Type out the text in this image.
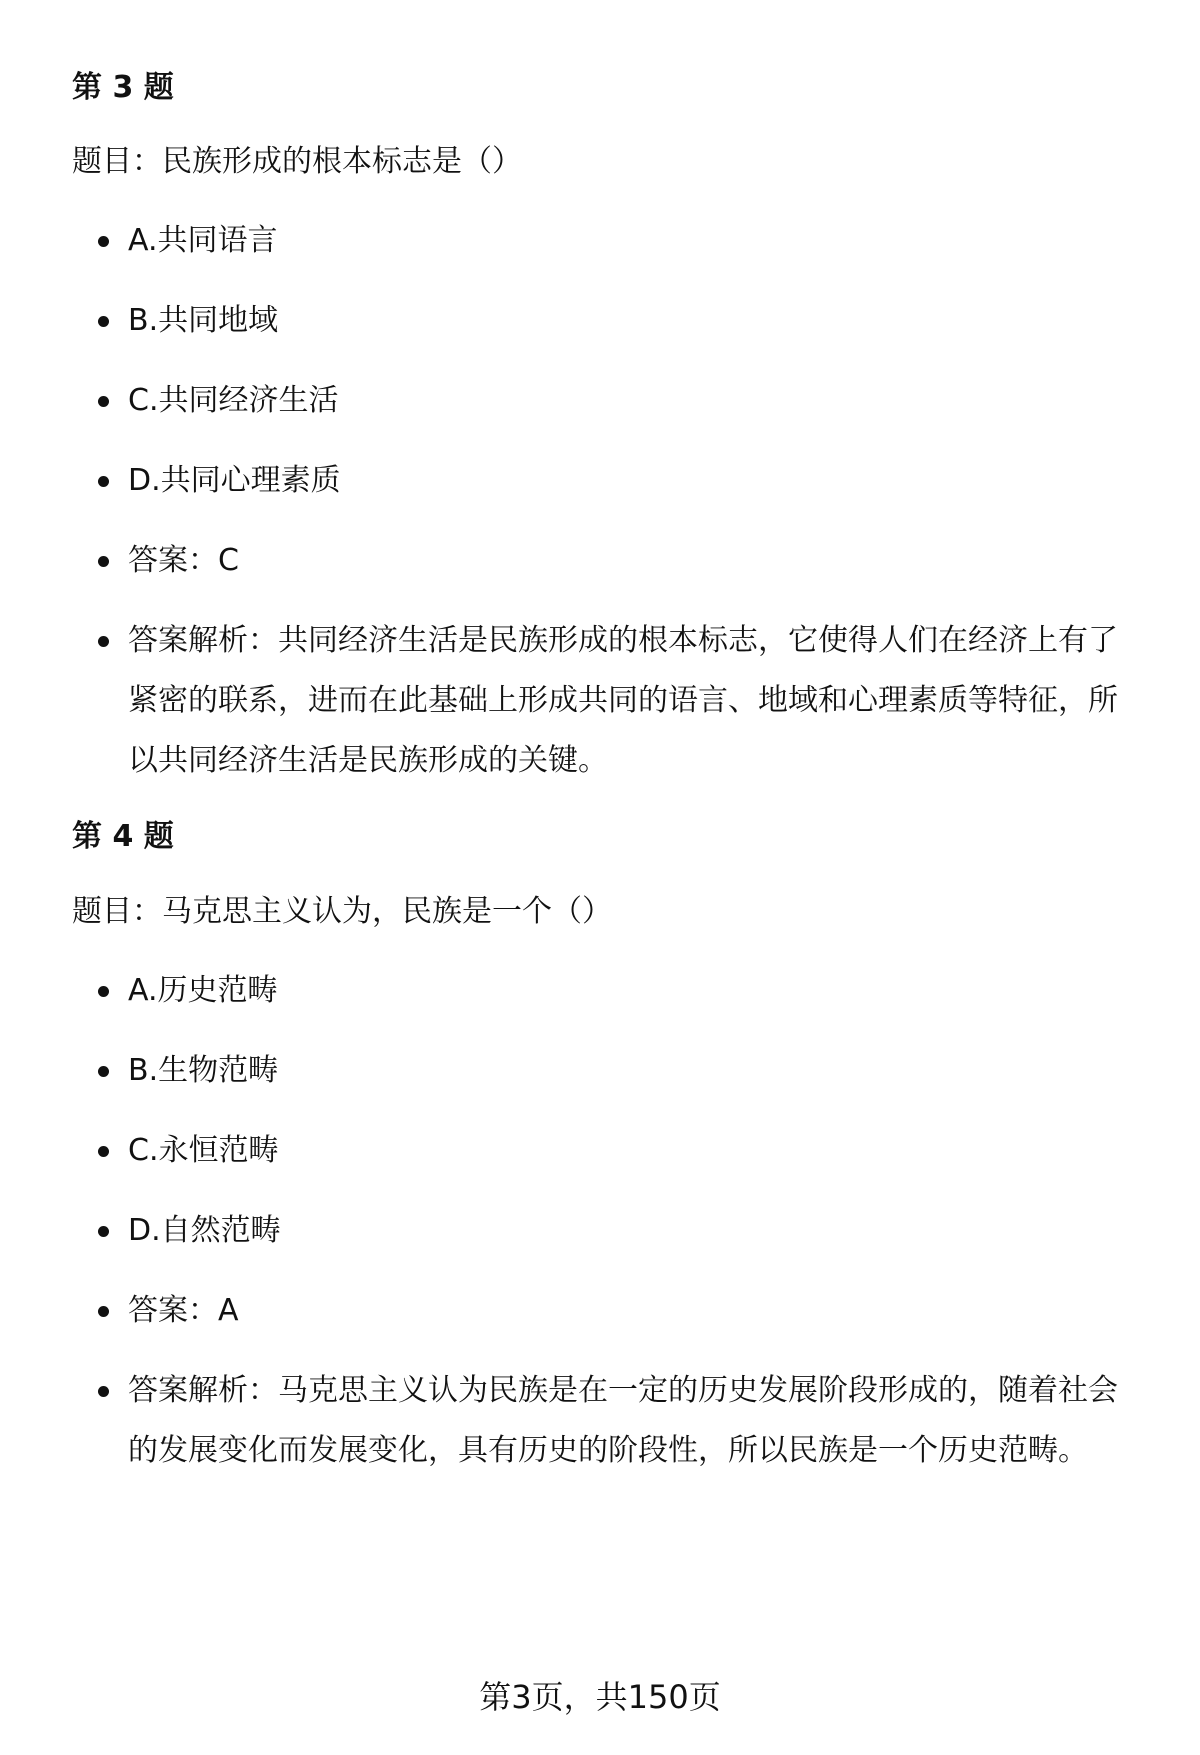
第 3 题

题目：民族形成的根本标志是（）

A.共同语言
B.共同地域
C.共同经济生活
D.共同心理素质
答案：C
答案解析：共同经济生活是民族形成的根本标志，它使得人们在经济上有了紧密的联系，进而在此基础上形成共同的语言、地域和心理素质等特征，所以共同经济生活是民族形成的关键。
第 4 题

题目：马克思主义认为，民族是一个（）

A.历史范畴
B.生物范畴
C.永恒范畴
D.自然范畴
答案：A
答案解析：马克思主义认为民族是在一定的历史发展阶段形成的，随着社会的发展变化而发展变化，具有历史的阶段性，所以民族是一个历史范畴。

第3页，共150页
